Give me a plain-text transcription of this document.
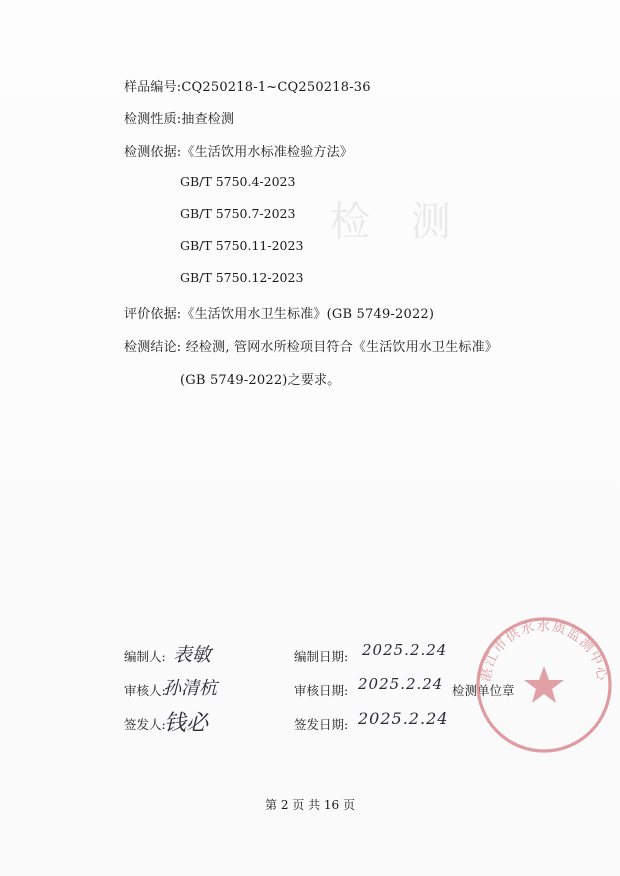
检 测
样品编号:CQ250218-1~CQ250218-36
检测性质:抽查检测
检测依据:《生活饮用水标准检验方法》
GB/T 5750.4-2023
GB/T 5750.7-2023
GB/T 5750.11-2023
GB/T 5750.12-2023
评价依据:《生活饮用水卫生标准》(GB 5749-2022)
检测结论: 经检测, 管网水所检项目符合《生活饮用水卫生标准》
(GB 5749-2022)之要求。
编制人: 表敏
审核人:
孙清杭
签发人:
钱必
编制日期: 2025.2.24
审核日期: 2025.2.24
签发日期: 2025.2.24
检测单位章
湛江市供水水质监测中心
第 2 页 共 16 页
